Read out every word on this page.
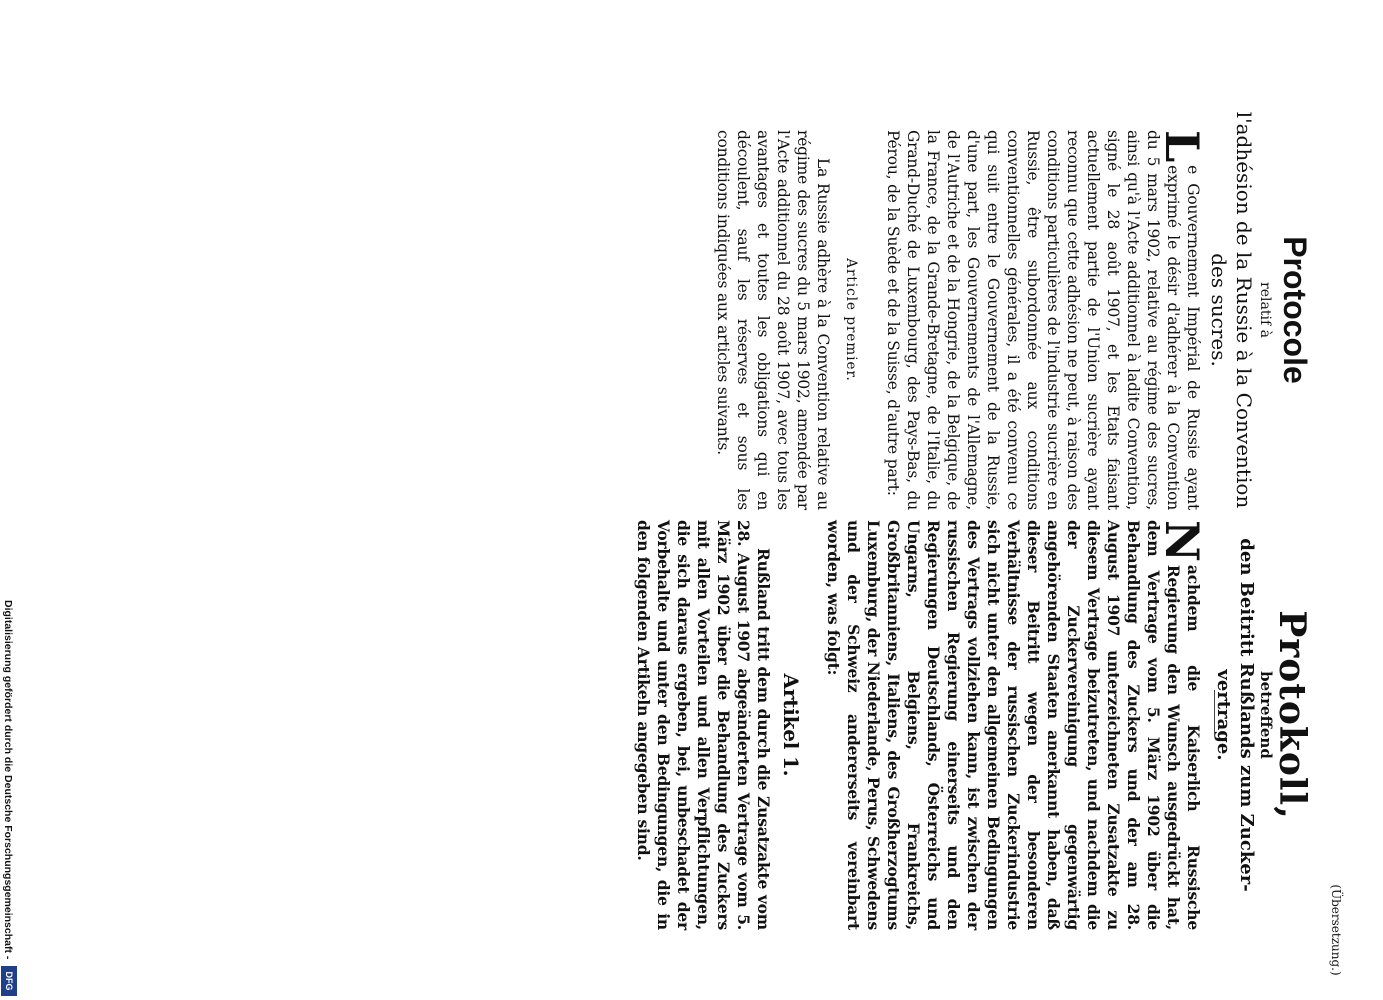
(Übersetzung.)
Protokoll,
betreffend
den Beitritt Rußlands zum Zucker-vertrage.
Protocole
relatif à
l'adhésion de la Russie à la Convention des sucres.
Digitalisierung gefördert durch die Deutsche Forschungsgemeinschaft -
DFG

L
e Gouvernement Impérial de Russie ayant exprimé le désir d'adhérer à la Convention du 5 mars 1902, relative au régime des sucres, ainsi qu'à l'Acte additionnel à ladite Convention, signé le 28 août 1907, et les Etats faisant actuellement partie de l'Union sucrière ayant reconnu que cette adhésion ne peut, à raison des conditions particulières de l'industrie sucrière en Russie, être subordonnée aux conditions conventionnelles générales, il a été convenu ce qui suit entre le Gouvernement de la Russie, d'une part, les Gouvernements de l'Allemagne, de l'Autriche et de la Hongrie, de la Belgique, de la France, de la Grande-Bretagne, de l'Italie, du Grand-Duché de Luxembourg, des Pays-Bas, du Pérou, de la Suède et de la Suisse, d'autre part:

Article premier.

La Russie adhère à la Convention relative au régime des sucres du 5 mars 1902, amendée par l'Acte additionnel du 28 août 1907, avec tous les avantages et toutes les obligations qui en découlent, sauf les réserves et sous les conditions indiquées aux articles suivants.

N
achdem die Kaiserlich Russische Regierung den Wunsch ausgedrückt hat, dem Vertrage vom 5. März 1902 über die Behandlung des Zuckers und der am 28. August 1907 unterzeichneten Zusatzakte zu diesem Vertrage beizutreten, und nachdem die der Zuckervereinigung gegenwärtig angehörenden Staaten anerkannt haben, daß dieser Beitritt wegen der besonderen Verhältnisse der russischen Zuckerindustrie sich nicht unter den allgemeinen Bedingungen des Vertrags vollziehen kann, ist zwischen der russischen Regierung einerseits und den Regierungen Deutschlands, Österreichs und Ungarns, Belgiens, Frankreichs, Großbritanniens, Italiens, des Großherzogtums Luxemburg, der Niederlande, Perus, Schwedens und der Schweiz andererseits vereinbart worden, was folgt:

Artikel 1.

Rußland tritt dem durch die Zusatzakte vom 28. August 1907 abgeänderten Vertrage vom 5. März 1902 über die Behandlung des Zuckers mit allen Vorteilen und allen Verpflichtungen, die sich daraus ergeben, bei, unbeschadet der Vorbehalte und unter den Bedingungen, die in den folgenden Artikeln angegeben sind.
